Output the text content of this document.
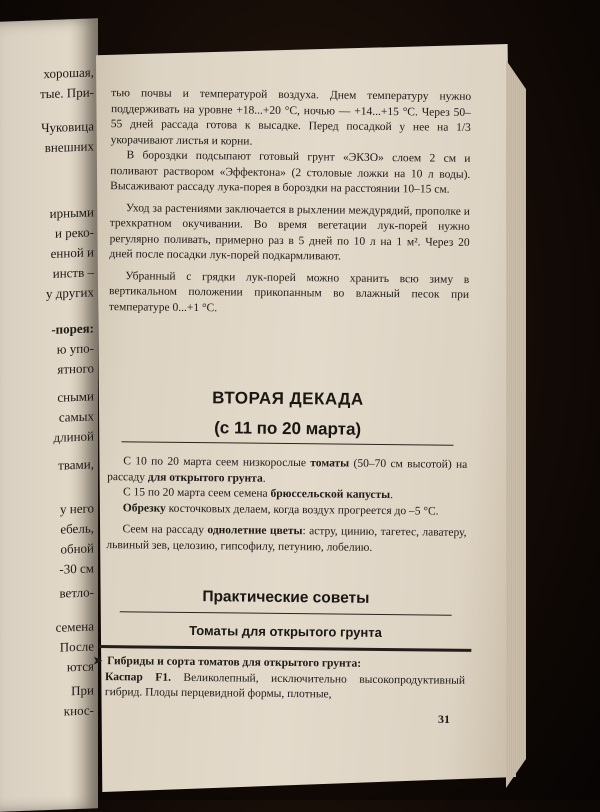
хорошая,
тые. При-
Чуковица
внешних
ирными
и реко-
енной и
инств –
у других
-порея:
ю упо-
ятного
сными
самых
длиной
твами,
у него
ебель,
обной
-30 см
ветло-
семена
После
ются
При
кнос-

тью почвы и температурой воздуха. Днем температуру нужно поддерживать на уровне +18...+20 °С, ночью — +14...+15 °С. Через 50–55 дней рассада готова к высадке. Перед посадкой у нее на 1/3 укорачивают листья и корни.

В бороздки подсыпают готовый грунт «ЭКЗО» слоем 2 см и поливают раствором «Эффектона» (2 столовые ложки на 10 л воды). Высаживают рассаду лука-порея в бороздки на расстоянии 10–15 см.

Уход за растениями заключается в рыхлении междурядий, прополке и трехкратном окучивании. Во время вегетации лук-порей нужно регулярно поливать, примерно раз в 5 дней по 10 л на 1 м². Через 20 дней после посадки лук-порей подкармливают.

Убранный с грядки лук-порей можно хранить всю зиму в вертикальном положении прикопанным во влажный песок при температуре 0...+1 °С.

ВТОРАЯ ДЕКАДА
(с 11 по 20 марта)

С 10 по 20 марта сеем низкорослые томаты (50–70 см высотой) на рассаду для открытого грунта.

С 15 по 20 марта сеем семена брюссельской капусты.

Обрезку косточковых делаем, когда воздух прогреется до –5 °С.

Сеем на рассаду однолетние цветы: астру, цинию, тагетес, лаватеру, львиный зев, целозию, гипсофилу, петунию, лобелию.

Практические советы
Томаты для открытого грунта
➤ Гибриды и сорта томатов для открытого грунта:

Каспар F1. Великолепный, исключительно высокопродуктивный гибрид. Плоды перцевидной формы, плотные,

31
